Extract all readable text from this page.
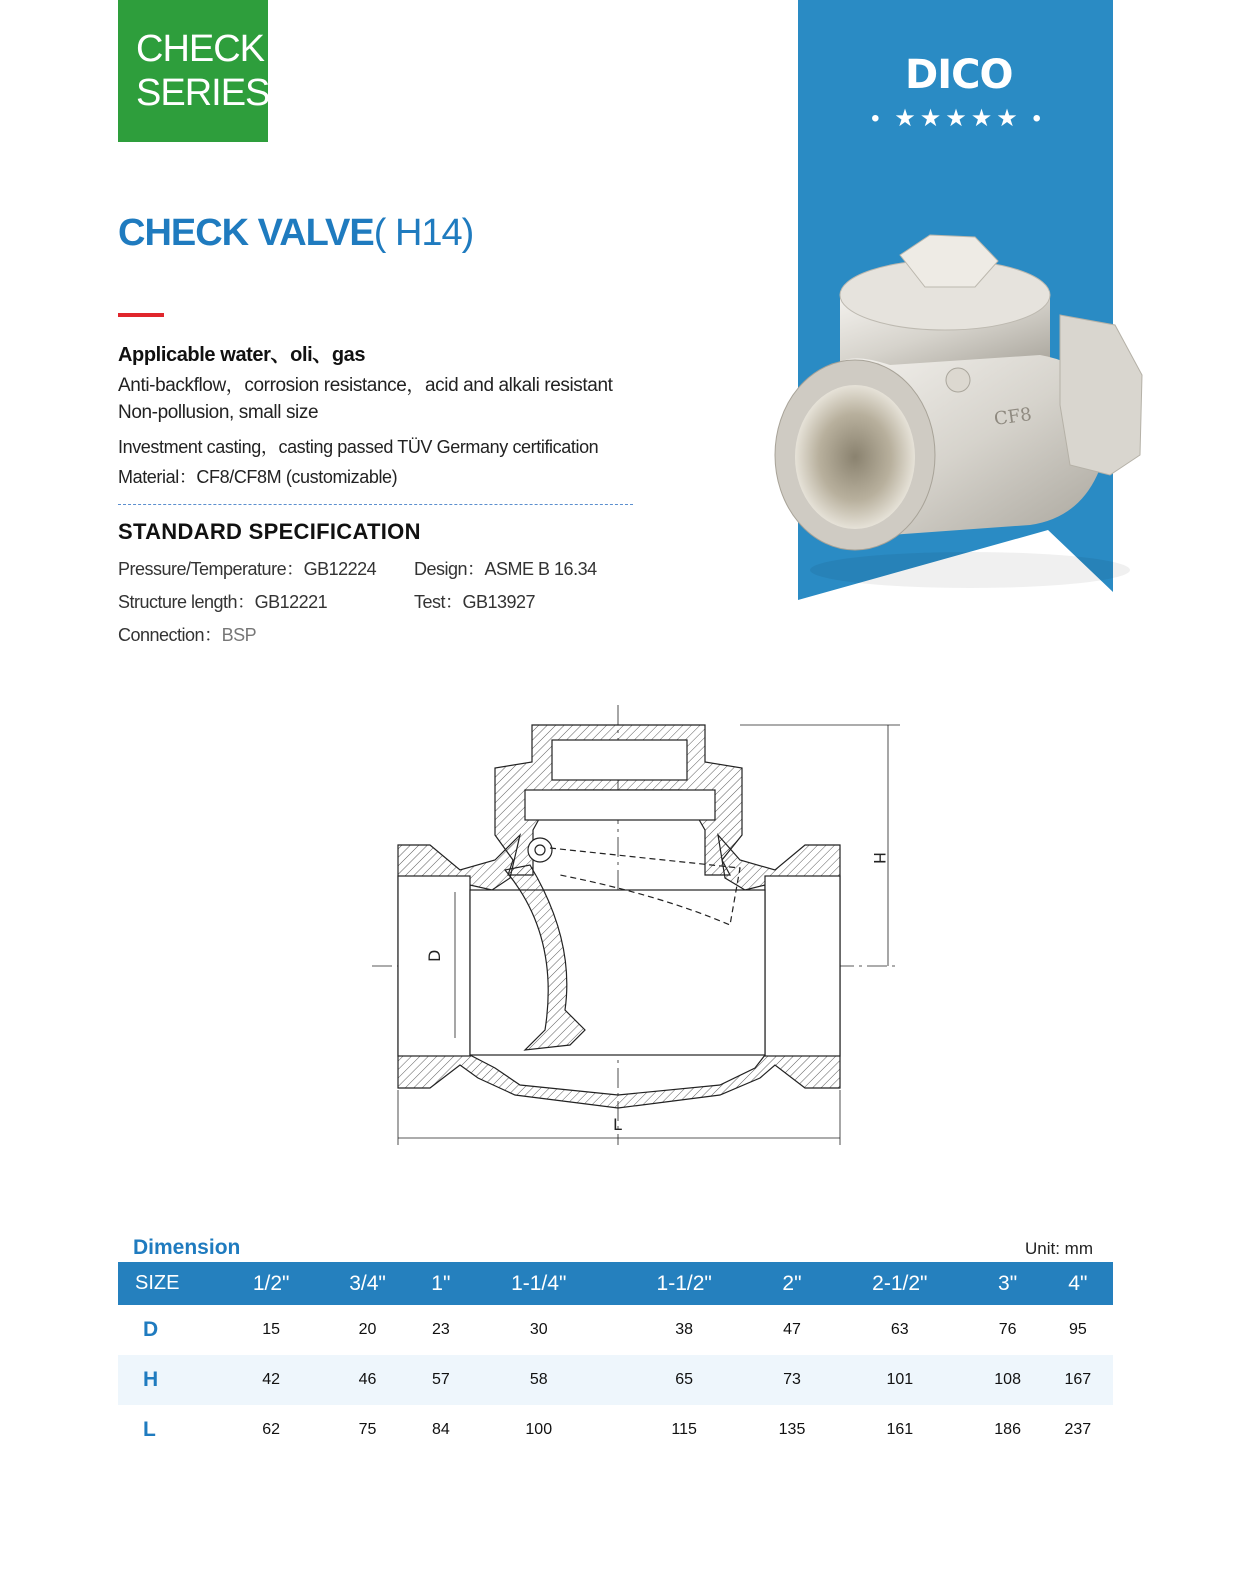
CHECK
SERIES	DICO
• ★★★★★ •
CF8
CHECK VALVE( H14)
Applicable water、oli、gas
Anti-backflow，corrosion resistance，acid and alkali resistant
Non-pollusion, small size
Investment casting，casting passed TÜV Germany certification
Material：CF8/CF8M (customizable)
STANDARD SPECIFICATION
Pressure/Temperature：GB12224 Design：ASME B 16.34
Structure length：GB12221	Test：GB13927
Connection：BSP
H
D
L
Dimension	Unit: mm
SIZE	1/2"	3/4"	1"	1-1/4"	1-1/2"	2"	2-1/2"	3"	4"
D	15	20	23	30	38	47	63	76	95
H	42	46	57	58	65	73	101	108	167
L	62	75	84	100	115	135	161	186	237
